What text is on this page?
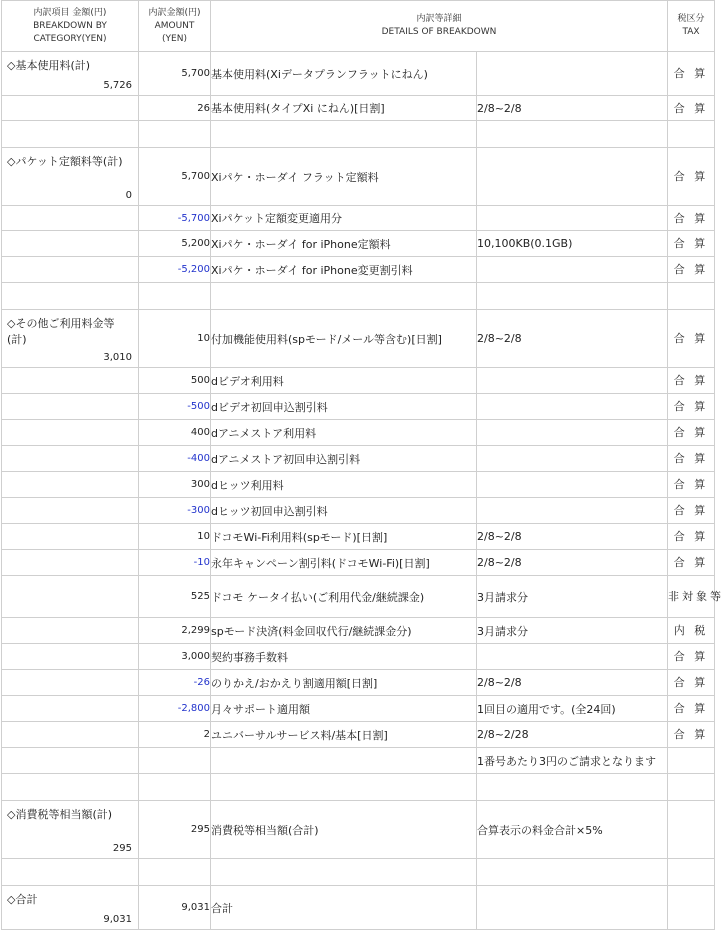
内訳項目 金額(円)
BREAKDOWN BY
CATEGORY(YEN)	内訳金額(円)
AMOUNT
(YEN)	内訳等詳細
DETAILS OF BREAKDOWN		税区分
TAX

◇基本使用料(計)
5,726	5,700	基本使用料(Xiデータプランフラットにねん)		合 算

	26	基本使用料(タイプXi にねん)[日割]	2/8~2/8	合 算

◇パケット定額料等(計)
0	5,700	Xiパケ・ホーダイ フラット定額料		合 算

	-5,700	Xiパケット定額変更適用分		合 算

	5,200	Xiパケ・ホーダイ for iPhone定額料	10,100KB(0.1GB)	合 算

	-5,200	Xiパケ・ホーダイ for iPhone変更割引料		合 算

◇その他ご利用料金等(計)
3,010	10	付加機能使用料(spモード/メール等含む)[日割]	2/8~2/8	合 算

	500	dビデオ利用料		合 算

	-500	dビデオ初回申込割引料		合 算

	400	dアニメストア利用料		合 算

	-400	dアニメストア初回申込割引料		合 算

	300	dヒッツ利用料		合 算

	-300	dヒッツ初回申込割引料		合 算

	10	ドコモWi-Fi利用料(spモード)[日割]	2/8~2/8	合 算

	-10	永年キャンペーン割引料(ドコモWi-Fi)[日割]	2/8~2/8	合 算

	525	ドコモ ケータイ払い(ご利用代金/継続課金)	3月請求分	非対象等

	2,299	spモード決済(料金回収代行/継続課金分)	3月請求分	内 税

	3,000	契約事務手数料		合 算

	-26	のりかえ/おかえり割適用額[日割]	2/8~2/8	合 算

	-2,800	月々サポート適用額	1回目の適用です。(全24回)	合 算

	2	ユニバーサルサービス料/基本[日割]	2/8~2/28	合 算

			1番号あたり3円のご請求となります	

◇消費税等相当額(計)
295	295	消費税等相当額(合計)	合算表示の料金合計×5%	

◇合計
9,031	9,031	合計		
